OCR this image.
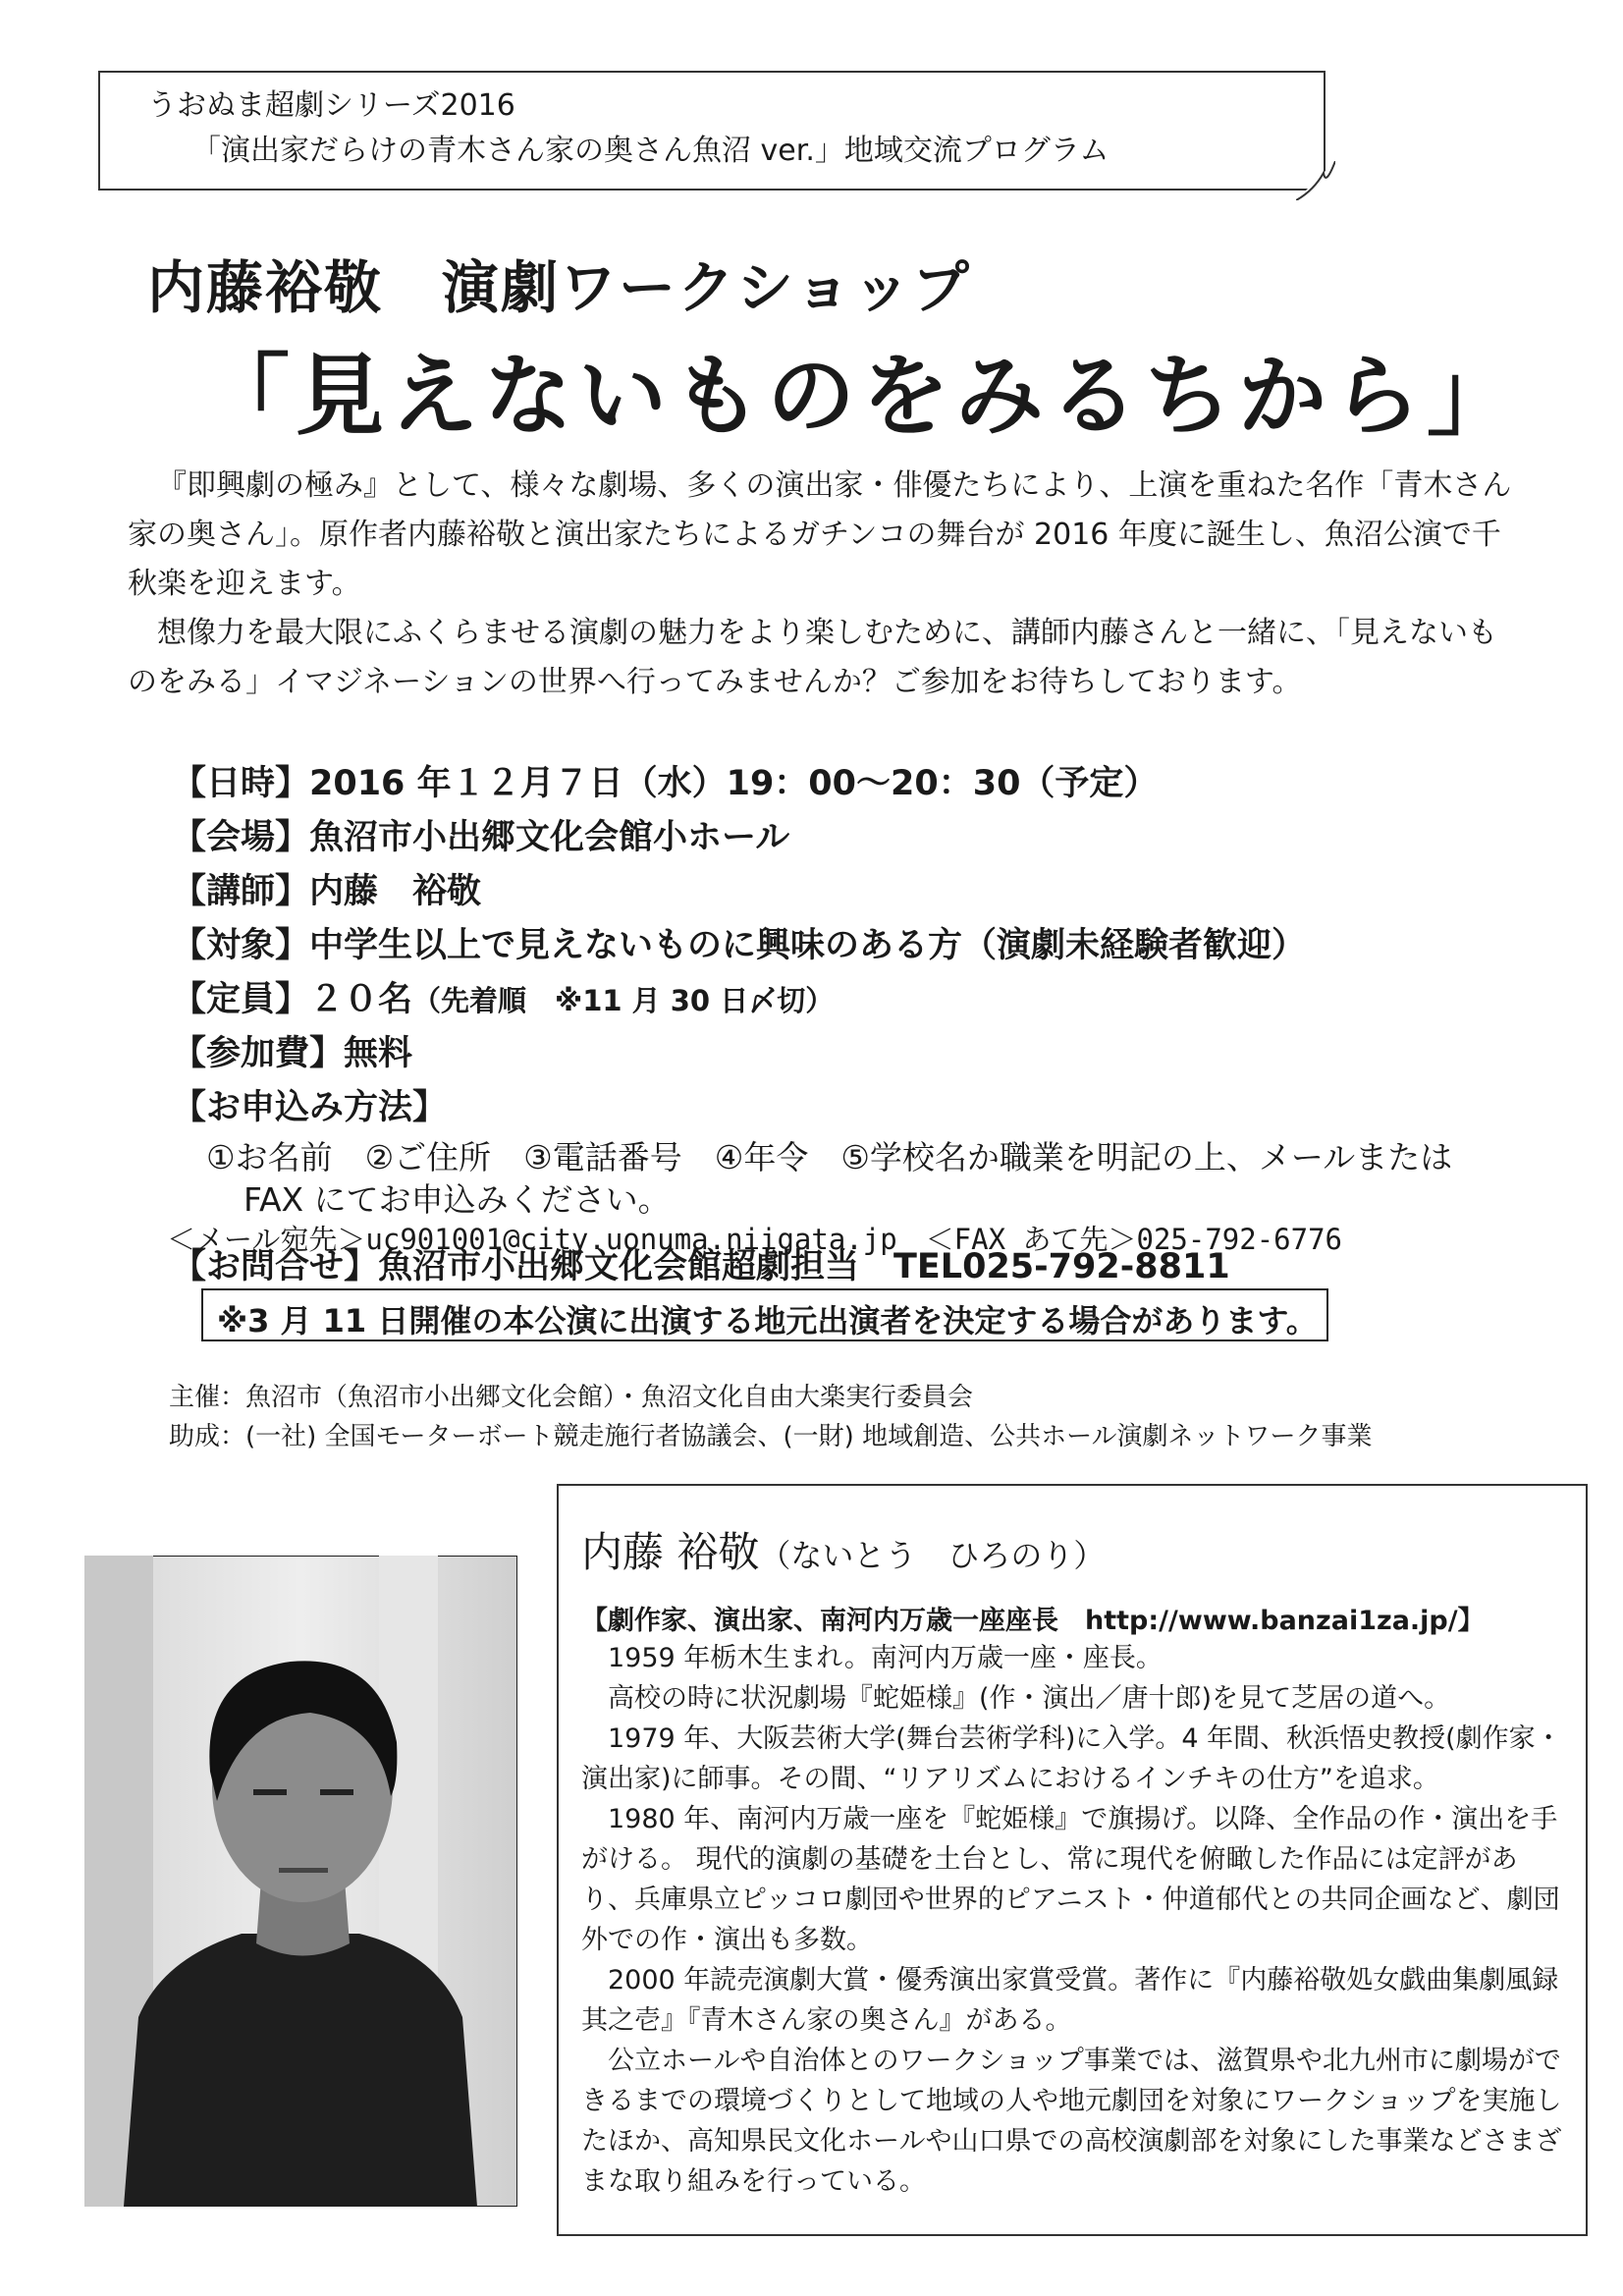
うおぬま超劇シリーズ2016
「演出家だらけの青木さん家の奥さん魚沼 ver.」地域交流プログラム
内藤裕敬　演劇ワークショップ
「見えないものをみるちから」
『即興劇の極み』として、様々な劇場、多くの演出家・俳優たちにより、上演を重ねた名作「青木さん家の奥さん」。原作者内藤裕敬と演出家たちによるガチンコの舞台が 2016 年度に誕生し、魚沼公演で千秋楽を迎えます。
想像力を最大限にふくらませる演劇の魅力をより楽しむために、講師内藤さんと一緒に、「見えないものをみる」イマジネーションの世界へ行ってみませんか？ご参加をお待ちしております。
【日時】2016 年１２月７日（水）19：00～20：30（予定）
【会場】魚沼市小出郷文化会館小ホール
【講師】内藤　裕敬
【対象】中学生以上で見えないものに興味のある方（演劇未経験者歓迎）
【定員】２０名（先着順　※11 月 30 日〆切）
【参加費】無料
【お申込み方法】
①お名前　②ご住所　③電話番号　④年令　⑤学校名か職業を明記の上、メールまたは
FAX にてお申込みください。
＜メール宛先＞uc901001@city.uonuma.niigata.jp　＜FAX あて先＞025-792-6776
【お問合せ】魚沼市小出郷文化会館超劇担当　TEL025-792-8811
※3 月 11 日開催の本公演に出演する地元出演者を決定する場合があります。
主催：魚沼市（魚沼市小出郷文化会館）・魚沼文化自由大楽実行委員会
助成：(一社) 全国モーターボート競走施行者協議会、(一財) 地域創造、公共ホール演劇ネットワーク事業
内藤 裕敬（ないとう　ひろのり）
【劇作家、演出家、南河内万歳一座座長　http://www.banzai1za.jp/】

1959 年栃木生まれ。南河内万歳一座・座長。

高校の時に状況劇場『蛇姫様』(作・演出／唐十郎)を見て芝居の道へ。

1979 年、大阪芸術大学(舞台芸術学科)に入学。4 年間、秋浜悟史教授(劇作家・演出家)に師事。その間、“リアリズムにおけるインチキの仕方”を追求。

1980 年、南河内万歳一座を『蛇姫様』で旗揚げ。以降、全作品の作・演出を手がける。 現代的演劇の基礎を土台とし、常に現代を俯瞰した作品には定評があり、兵庫県立ピッコロ劇団や世界的ピアニスト・仲道郁代との共同企画など、劇団外での作・演出も多数。

2000 年読売演劇大賞・優秀演出家賞受賞。著作に『内藤裕敬処女戯曲集劇風録其之壱』『青木さん家の奥さん』がある。

公立ホールや自治体とのワークショップ事業では、滋賀県や北九州市に劇場ができるまでの環境づくりとして地域の人や地元劇団を対象にワークショップを実施したほか、高知県民文化ホールや山口県での高校演劇部を対象にした事業などさまざまな取り組みを行っている。
